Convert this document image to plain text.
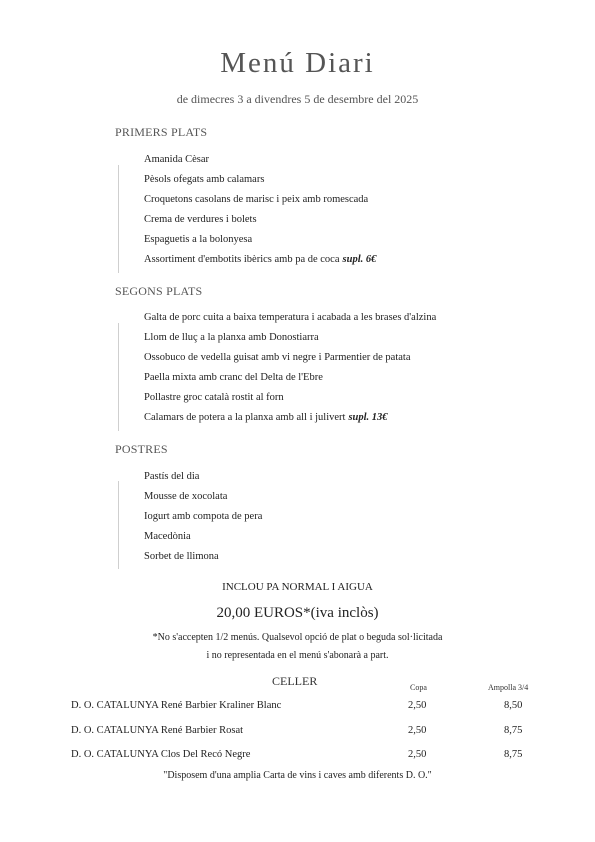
Menú Diari
de dimecres 3 a divendres 5 de desembre del 2025
PRIMERS PLATS
Amanida Cèsar
Pèsols ofegats amb calamars
Croquetons casolans de marisc i peix amb romescada
Crema de verdures i bolets
Espaguetis a la bolonyesa
Assortiment d'embotits ibèrics amb pa de coca supl. 6€
SEGONS PLATS
Galta de porc cuita a baixa temperatura i acabada a les brases d'alzina
Llom de lluç a la planxa amb Donostiarra
Ossobuco de vedella guisat amb vi negre i Parmentier de patata
Paella mixta amb cranc del Delta de l'Ebre
Pollastre groc català rostit al forn
Calamars de potera a la planxa amb all i julivert supl. 13€
POSTRES
Pastís del dia
Mousse de xocolata
Iogurt amb compota de pera
Macedònia
Sorbet de llimona
INCLOU PA NORMAL I AIGUA
20,00 EUROS*(iva inclòs)
*No s'accepten 1/2 menús. Qualsevol opció de plat o beguda sol·licitada
i no representada en el menú s'abonarà a part.
CELLER	Copa	Ampolla 3/4
D. O. CATALUNYA René Barbier Kraliner Blanc	2,50	8,50
D. O. CATALUNYA René Barbier Rosat	2,50	8,75
D. O. CATALUNYA Clos Del Recó Negre	2,50	8,75
"Disposem d'una amplia Carta de vins i caves amb diferents D. O."
